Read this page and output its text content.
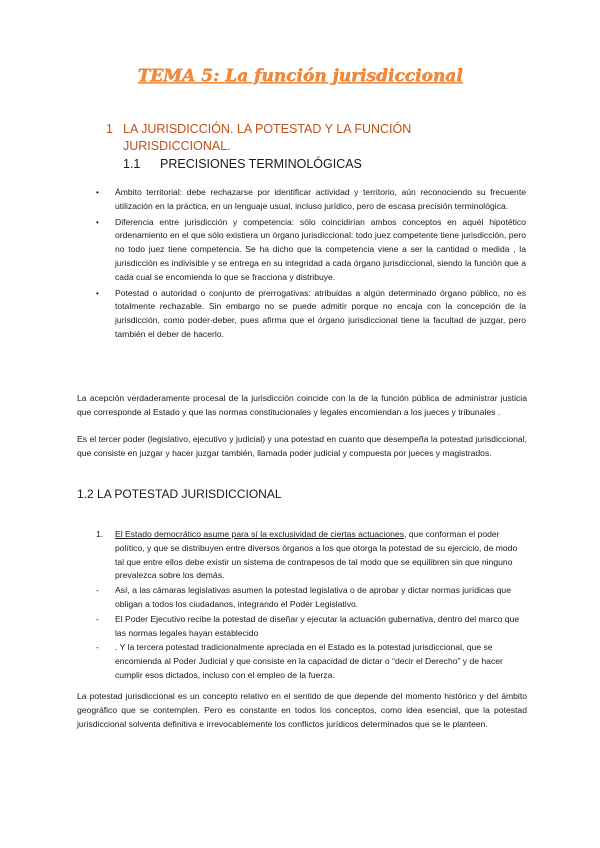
TEMA 5: La función jurisdiccional
1 LA JURISDICCIÓN. LA POTESTAD Y LA FUNCIÓN JURISDICCIONAL.
1.1 PRECISIONES TERMINOLÓGICAS
• Ámbito territorial: debe rechazarse por identificar actividad y territorio, aún reconociendo su frecuente utilización en la práctica, en un lenguaje usual, incluso jurídico, pero de escasa precisión terminológica.
• Diferencia entre jurisdicción y competencia: sólo coincidirían ambos conceptos en aquél hipotético ordenamiento en el que sólo existiera un órgano jurisdiccional: todo juez competente tiene jurisdicción, pero no todo juez tiene competencia. Se ha dicho que la competencia viene a ser la cantidad o medida , la jurisdicción es indivisible y se entrega en su integridad a cada órgano jurisdiccional, siendo la función que a cada cual se encomienda lo que se fracciona y distribuye.
• Potestad o autoridad o conjunto de prerrogativas: atribuidas a algún determinado órgano público, no es totalmente rechazable. Sin embargo no se puede admitir porque no encaja con la concepción de la jurisdicción, como poder-deber, pues afirma que el órgano jurisdiccional tiene la facultad de juzgar, pero también el deber de hacerlo.

La acepción verdaderamente procesal de la jurisdicción coincide con la de la función pública de administrar justicia que corresponde al Estado y que las normas constitucionales y legales encomiendan a los jueces y tribunales .

Es el tercer poder (legislativo, ejecutivo y judicial) y una potestad en cuanto que desempeña la potestad jurisdiccional, que consiste en juzgar y hacer juzgar también, llamada poder judicial y compuesta por jueces y magistrados.

1.2 LA POTESTAD JURISDICCIONAL
1. El Estado democrático asume para sí la exclusividad de ciertas actuaciones, que conforman el poder político, y que se distribuyen entre diversos órganos a los que otorga la potestad de su ejercicio, de modo tal que entre ellos debe existir un sistema de contrapesos de tal modo que se equilibren sin que ninguno prevalezca sobre los demás.
- Así, a las cámaras legislativas asumen la potestad legislativa o de aprobar y dictar normas jurídicas que obligan a todos los ciudadanos, integrando el Poder Legislativo.
- El Poder Ejecutivo recibe la potestad de diseñar y ejecutar la actuación gubernativa, dentro del marco que las normas legales hayan establecido
- . Y la tercera potestad tradicionalmente apreciada en el Estado es la potestad jurisdiccional, que se encomienda al Poder Judicial y que consiste en la capacidad de dictar o “decir el Derecho” y de hacer cumplir esos dictados, incluso con el empleo de la fuerza.

La potestad jurisdiccional es un concepto relativo en el sentido de que depende del momento histórico y del ámbito geográfico que se contemplen. Pero es constante en todos los conceptos, como idea esencial, que la potestad jurisdiccional solventa definitiva e irrevocablemente los conflictos jurídicos determinados que se le planteen.
